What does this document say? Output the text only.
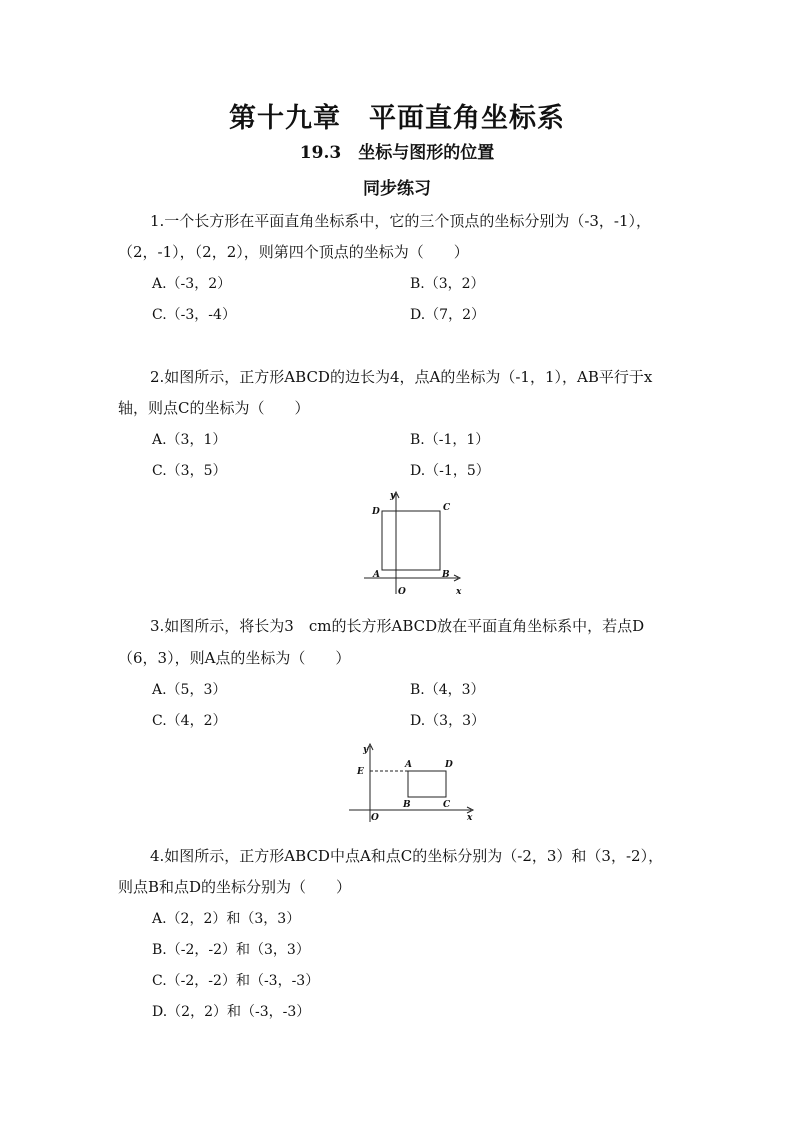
第十九章　平面直角坐标系
19.3　坐标与图形的位置
同步练习
1.一个长方形在平面直角坐标系中，它的三个顶点的坐标分别为（-3，-1），
（2，-1），（2，2），则第四个顶点的坐标为（　　）
A.（-3，2）	B.（3，2）
C.（-3，-4）	D.（7，2）
2.如图所示，正方形ABCD的边长为4，点A的坐标为（-1，1），AB平行于x
轴，则点C的坐标为（　　）
A.（3，1）	B.（-1，1）
C.（3，5）	D.（-1，5）
D	C
A	B
O	x
y
3.如图所示，将长为3　cm的长方形ABCD放在平面直角坐标系中，若点D
（6，3），则A点的坐标为（　　）
A.（5，3）	B.（4，3）
C.（4，2）	D.（3，3）
y
E
A	D
B	C
O	x
4.如图所示，正方形ABCD中点A和点C的坐标分别为（-2，3）和（3，-2），
则点B和点D的坐标分别为（　　）
A.（2，2）和（3，3）
B.（-2，-2）和（3，3）
C.（-2，-2）和（-3，-3）
D.（2，2）和（-3，-3）
